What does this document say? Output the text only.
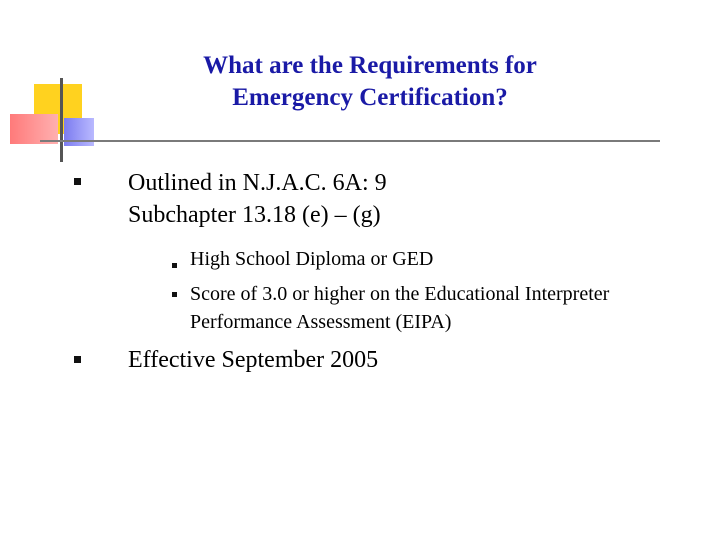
What are the Requirements for
Emergency Certification?
Outlined in N.J.A.C. 6A: 9 Subchapter 13.18 (e) – (g)
High School Diploma or GED
Score of 3.0 or higher on the Educational Interpreter Performance Assessment (EIPA)
Effective September 2005
